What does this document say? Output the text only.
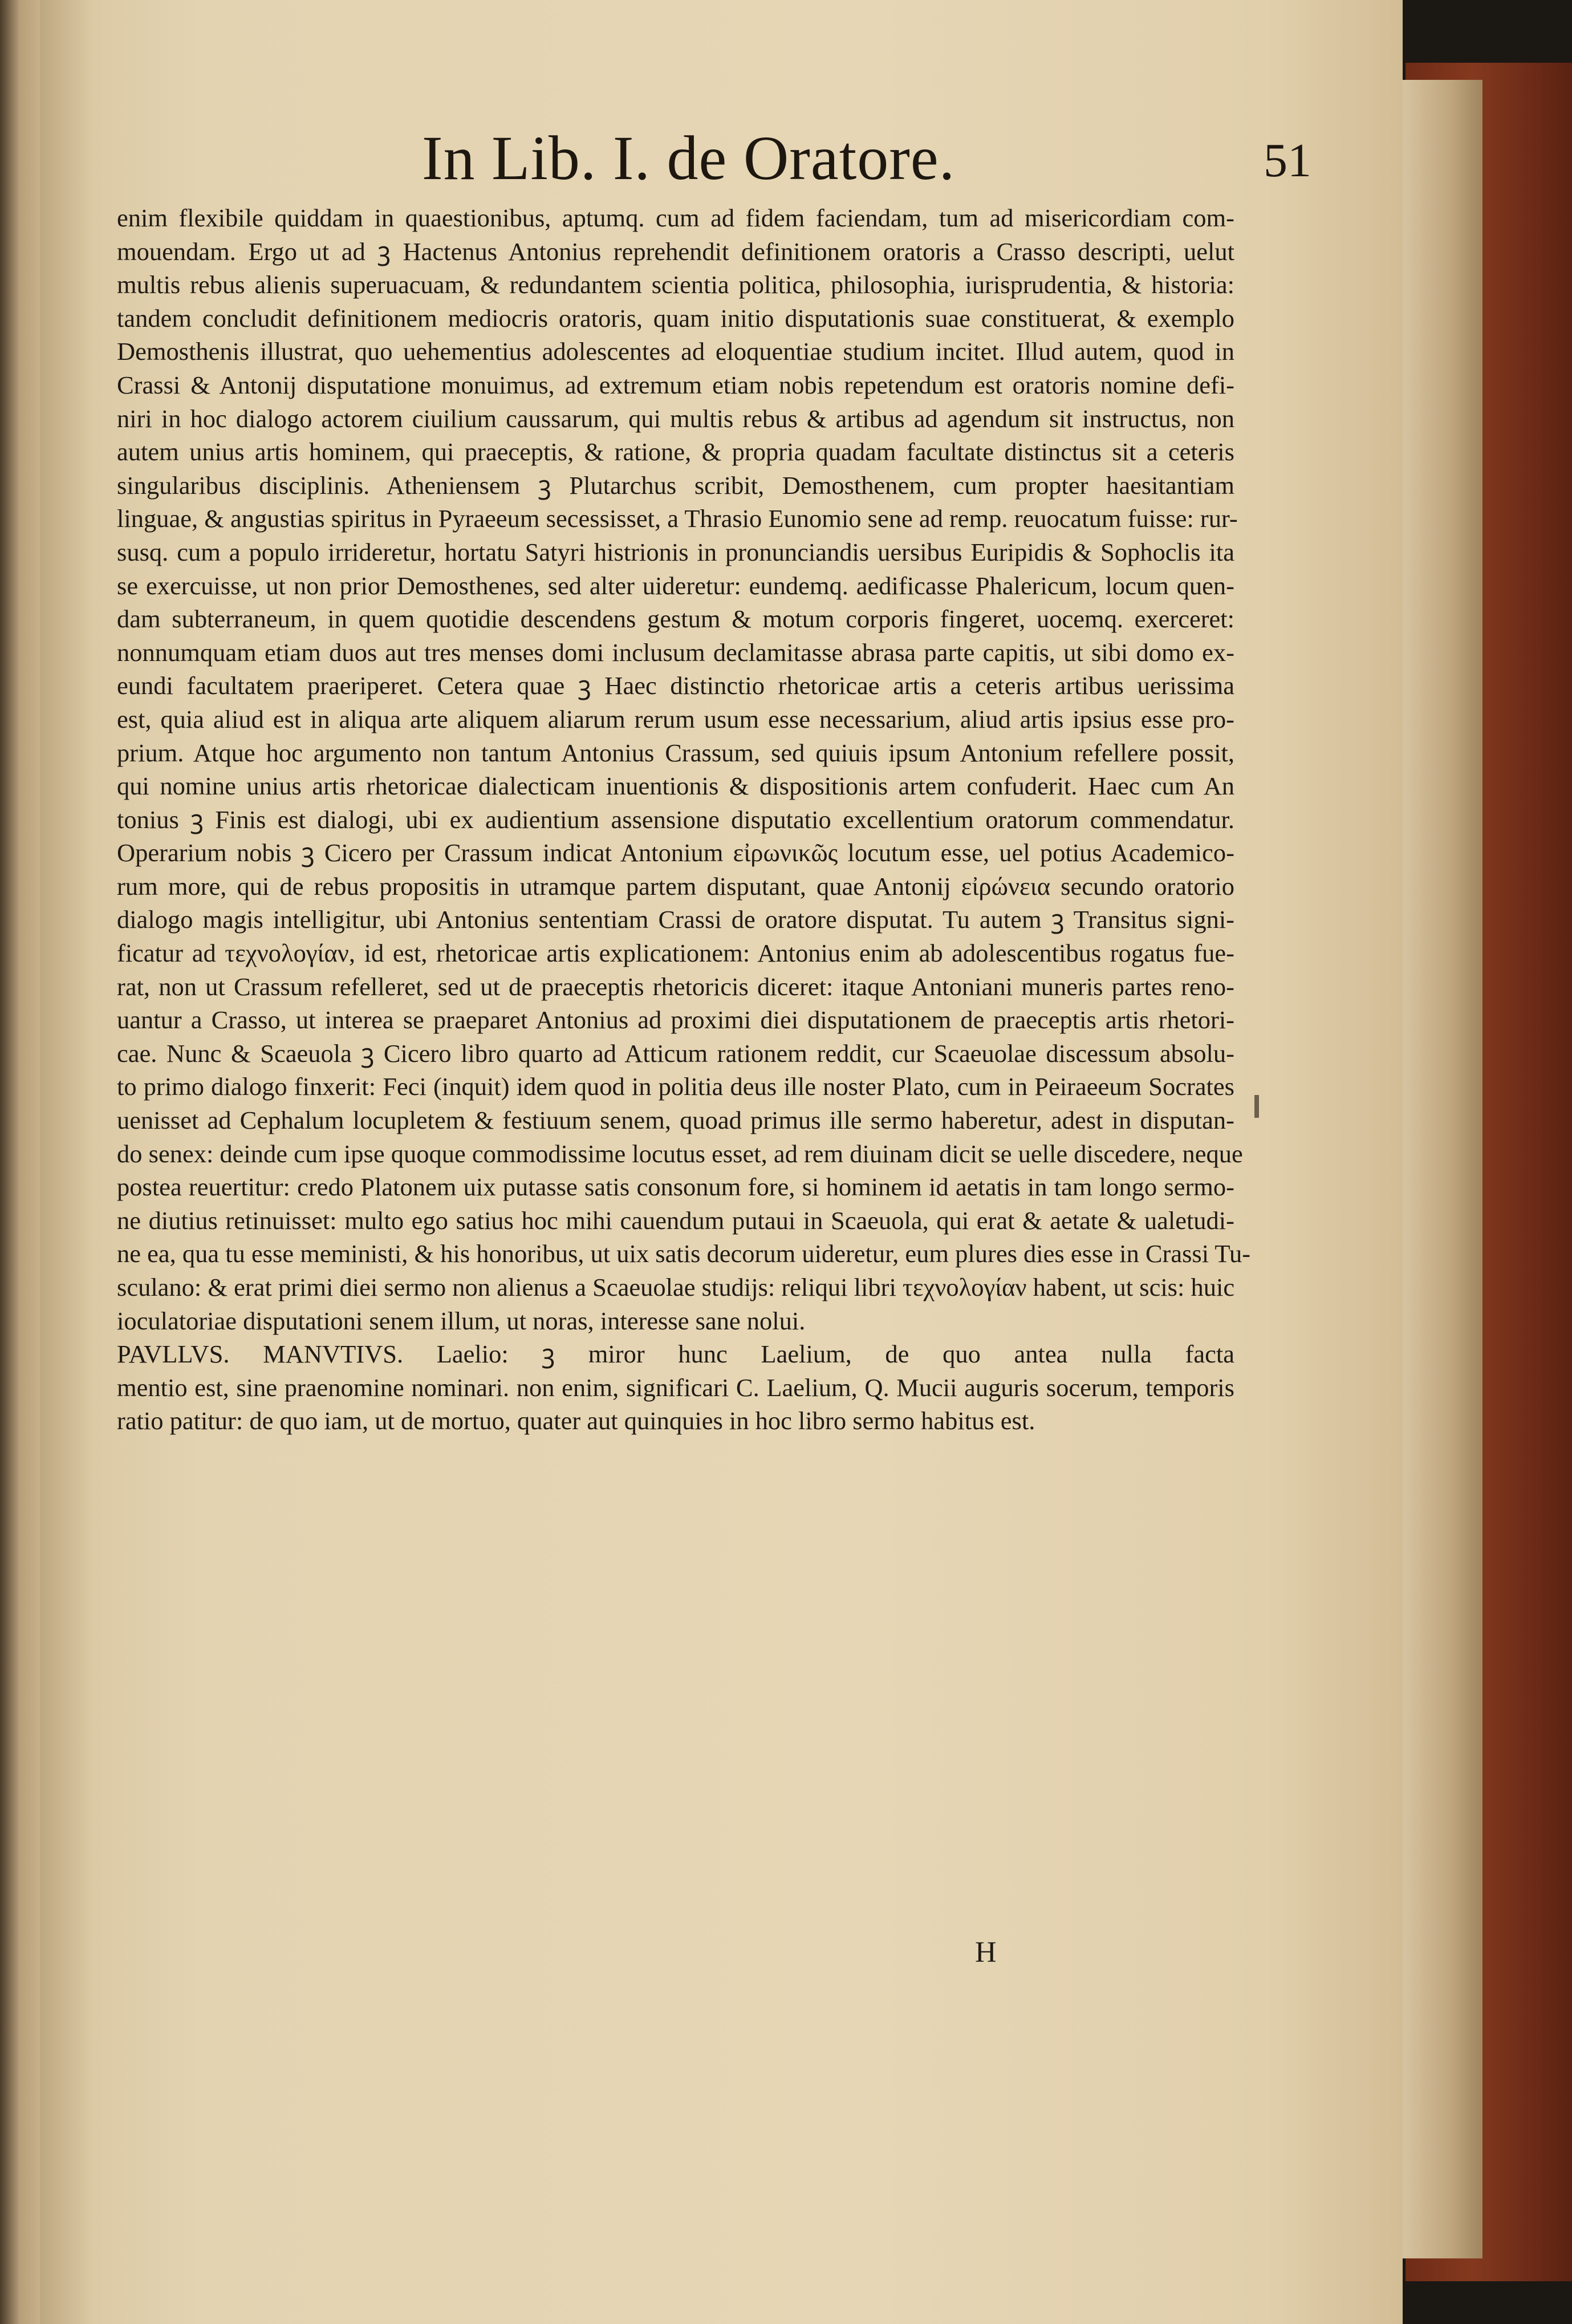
In Lib. I. de Oratore.	51
enim flexibile quiddam in quaestionibus, aptumq. cum ad fidem faciendam, tum ad misericordiam com-
mouendam. Ergo ut ad ꝫ Hactenus Antonius reprehendit definitionem oratoris a Crasso descripti, uelut
multis rebus alienis superuacuam, & redundantem scientia politica, philosophia, iurisprudentia, & historia:
tandem concludit definitionem mediocris oratoris, quam initio disputationis suae constituerat, & exemplo
Demosthenis illustrat, quo uehementius adolescentes ad eloquentiae studium incitet. Illud autem, quod in
Crassi & Antonij disputatione monuimus, ad extremum etiam nobis repetendum est oratoris nomine defi-
niri in hoc dialogo actorem ciuilium caussarum, qui multis rebus & artibus ad agendum sit instructus, non
autem unius artis hominem, qui praeceptis, & ratione, & propria quadam facultate distinctus sit a ceteris
singularibus disciplinis. Atheniensem ꝫ Plutarchus scribit, Demosthenem, cum propter haesitantiam
linguae, & angustias spiritus in Pyraeeum secessisset, a Thrasio Eunomio sene ad remp. reuocatum fuisse: rur-
susq. cum a populo irrideretur, hortatu Satyri histrionis in pronunciandis uersibus Euripidis & Sophoclis ita
se exercuisse, ut non prior Demosthenes, sed alter uideretur: eundemq. aedificasse Phalericum, locum quen-
dam subterraneum, in quem quotidie descendens gestum & motum corporis fingeret, uocemq. exerceret:
nonnumquam etiam duos aut tres menses domi inclusum declamitasse abrasa parte capitis, ut sibi domo ex-
eundi facultatem praeriperet. Cetera quae ꝫ Haec distinctio rhetoricae artis a ceteris artibus uerissima
est, quia aliud est in aliqua arte aliquem aliarum rerum usum esse necessarium, aliud artis ipsius esse pro-
prium. Atque hoc argumento non tantum Antonius Crassum, sed quiuis ipsum Antonium refellere possit,
qui nomine unius artis rhetoricae dialecticam inuentionis & dispositionis artem confuderit. Haec cum An
tonius ꝫ Finis est dialogi, ubi ex audientium assensione disputatio excellentium oratorum commendatur.
Operarium nobis ꝫ Cicero per Crassum indicat Antonium εἰρωνικῶς locutum esse, uel potius Academico-
rum more, qui de rebus propositis in utramque partem disputant, quae Antonij εἰρώνεια secundo oratorio
dialogo magis intelligitur, ubi Antonius sententiam Crassi de oratore disputat. Tu autem ꝫ Transitus signi-
ficatur ad τεχνολογίαν, id est, rhetoricae artis explicationem: Antonius enim ab adolescentibus rogatus fue-
rat, non ut Crassum refelleret, sed ut de praeceptis rhetoricis diceret: itaque Antoniani muneris partes reno-
uantur a Crasso, ut interea se praeparet Antonius ad proximi diei disputationem de praeceptis artis rhetori-
cae. Nunc & Scaeuola ꝫ Cicero libro quarto ad Atticum rationem reddit, cur Scaeuolae discessum absolu-
to primo dialogo finxerit: Feci (inquit) idem quod in politia deus ille noster Plato, cum in Peiraeeum Socrates
uenisset ad Cephalum locupletem & festiuum senem, quoad primus ille sermo haberetur, adest in disputan-
do senex: deinde cum ipse quoque commodissime locutus esset, ad rem diuinam dicit se uelle discedere, neque
postea reuertitur: credo Platonem uix putasse satis consonum fore, si hominem id aetatis in tam longo sermo-
ne diutius retinuisset: multo ego satius hoc mihi cauendum putaui in Scaeuola, qui erat & aetate & ualetudi-
ne ea, qua tu esse meministi, & his honoribus, ut uix satis decorum uideretur, eum plures dies esse in Crassi Tu-
sculano: & erat primi diei sermo non alienus a Scaeuolae studijs: reliqui libri τεχνολογίαν habent, ut scis: huic
ioculatoriae disputationi senem illum, ut noras, interesse sane nolui.
PAVLLVS. MANVTIVS. Laelio: ꝫ miror hunc Laelium, de quo antea nulla facta
mentio est, sine praenomine nominari. non enim, significari C. Laelium, Q. Mucii auguris socerum, temporis
ratio patitur: de quo iam, ut de mortuo, quater aut quinquies in hoc libro sermo habitus est.
H
